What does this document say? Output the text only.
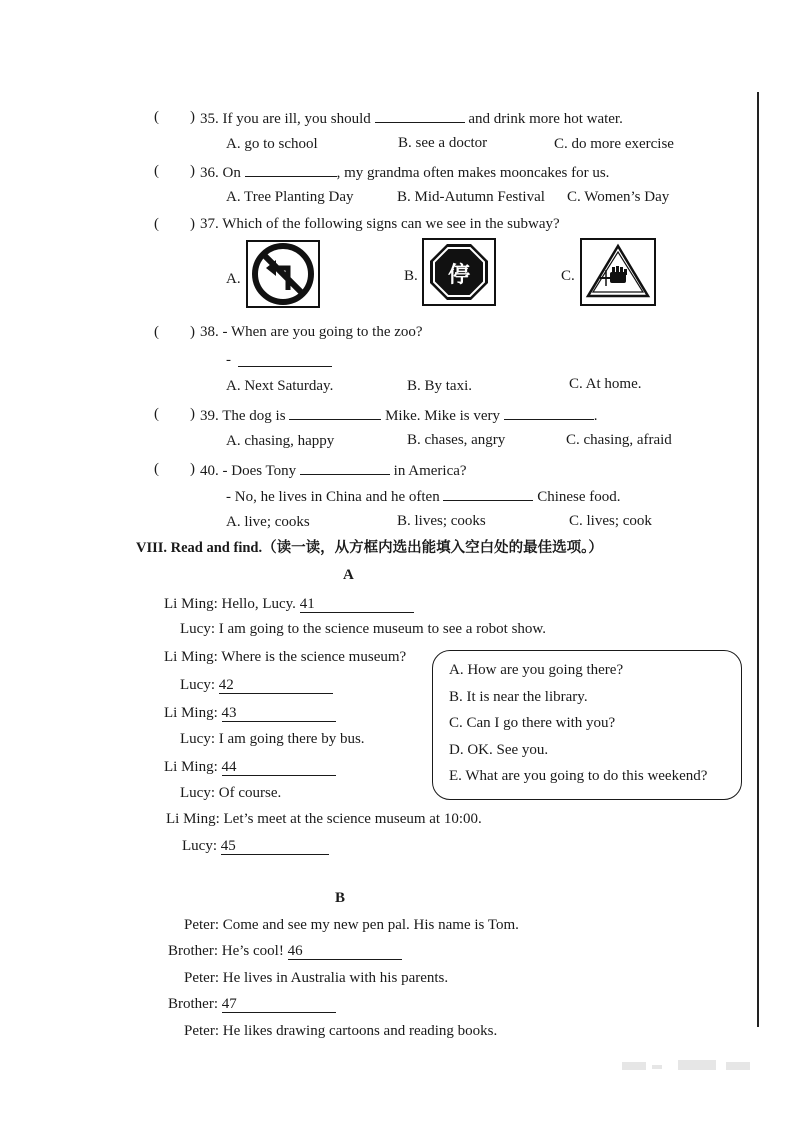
( ) 35. If you are ill, you should	and drink more hot water.
A. go to school	B. see a doctor	C. do more exercise
( ) 36. On	, my grandma often makes mooncakes for us.
A. Tree Planting Day	B. Mid-Autumn Festival C. Women’s Day
( ) 37. Which of the following signs can we see in the subway?
A.	B.	停	C.
( ) 38. - When are you going to the zoo?
-
A. Next Saturday.	B. By taxi.	C. At home.
( ) 39. The dog is	Mike. Mike is very	.
A. chasing, happy	B. chases, angry	C. chasing, afraid
( ) 40. - Does Tony	in America?
- No, he lives in China and he often	Chinese food.
A. live; cooks	B. lives; cooks	C. lives; cook
VIII. Read and find.（读一读，从方框内选出能填入空白处的最佳选项。）
A
Li Ming: Hello, Lucy. 41
Lucy: I am going to the science museum to see a robot show.
Li Ming: Where is the science museum?
Lucy: 42
Li Ming: 43
Lucy: I am going there by bus.
Li Ming: 44
Lucy: Of course.
Li Ming: Let’s meet at the science museum at 10:00.
Lucy: 45
A. How are you going there?
B. It is near the library.
C. Can I go there with you?
D. OK. See you.
E. What are you going to do this weekend?
B
Peter: Come and see my new pen pal. His name is Tom.
Brother: He’s cool! 46
Peter: He lives in Australia with his parents.
Brother: 47
Peter: He likes drawing cartoons and reading books.
